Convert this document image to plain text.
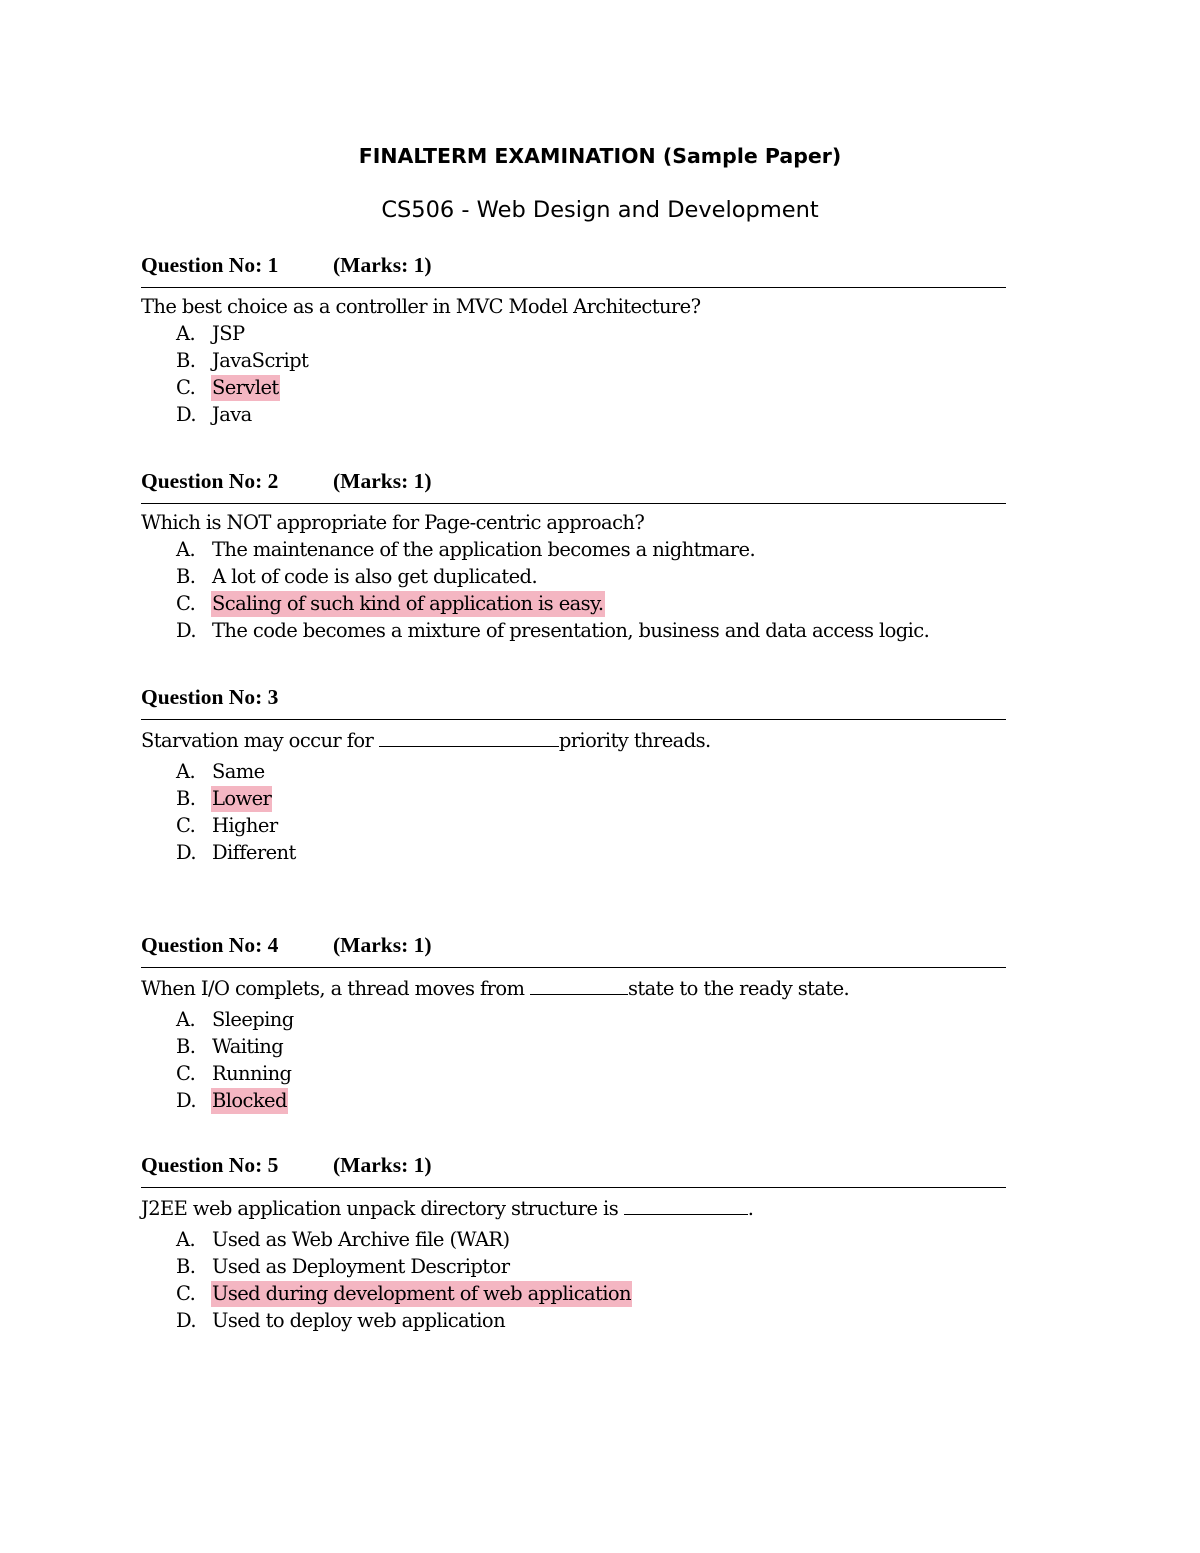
FINALTERM EXAMINATION (Sample Paper)
CS506 - Web Design and Development
Question No: 1	(Marks: 1)
The best choice as a controller in MVC Model Architecture?
A. JSP
B. JavaScript
C. Servlet
D. Java
Question No: 2	(Marks: 1)
Which is NOT appropriate for Page-centric approach?
A. The maintenance of the application becomes a nightmare.
B. A lot of code is also get duplicated.
C. Scaling of such kind of application is easy.
D. The code becomes a mixture of presentation, business and data access logic.
Question No: 3
Starvation may occur for	priority threads.
A. Same
B. Lower
C. Higher
D. Different
Question No: 4	(Marks: 1)
When I/O complets, a thread moves from	state to the ready state.
A. Sleeping
B. Waiting
C. Running
D. Blocked
Question No: 5	(Marks: 1)
J2EE web application unpack directory structure is	.
A. Used as Web Archive file (WAR)
B. Used as Deployment Descriptor
C. Used during development of web application
D. Used to deploy web application
